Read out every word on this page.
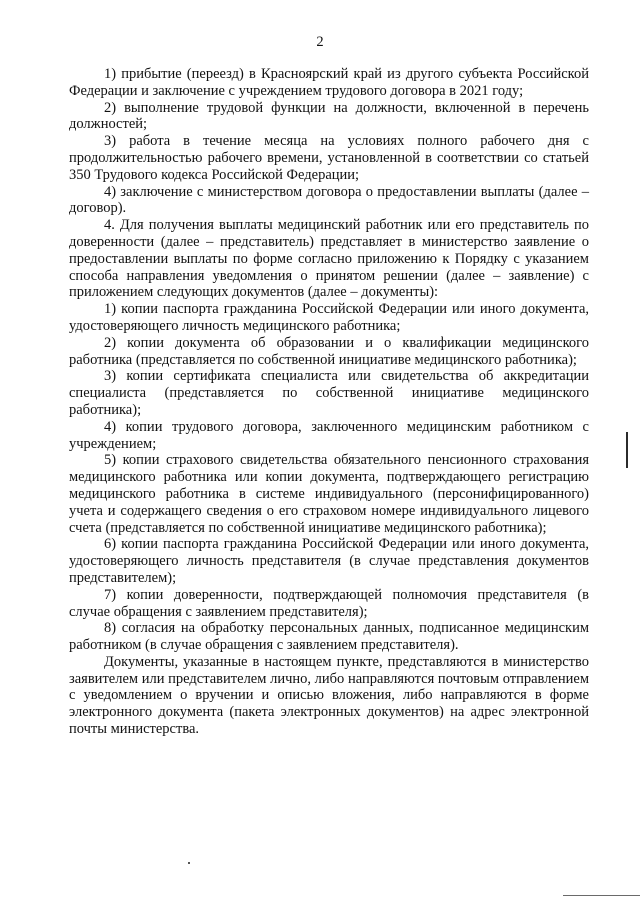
2

1) прибытие (переезд) в Красноярский край из другого субъекта Российской Федерации и заключение с учреждением трудового договора в 2021 году;

2) выполнение трудовой функции на должности, включенной в перечень должностей;

3) работа в течение месяца на условиях полного рабочего дня с продолжительностью рабочего времени, установленной в соответствии со статьей 350 Трудового кодекса Российской Федерации;

4) заключение с министерством договора о предоставлении выплаты (далее – договор).

4. Для получения выплаты медицинский работник или его представитель по доверенности (далее – представитель) представляет в министерство заявление о предоставлении выплаты по форме согласно приложению к Порядку с указанием способа направления уведомления о принятом решении (далее – заявление) с приложением следующих документов (далее – документы):

1) копии паспорта гражданина Российской Федерации или иного документа, удостоверяющего личность медицинского работника;

2) копии документа об образовании и о квалификации медицинского работника (представляется по собственной инициативе медицинского работника);

3) копии сертификата специалиста или свидетельства об аккредитации специалиста (представляется по собственной инициативе медицинского работника);

4) копии трудового договора, заключенного медицинским работником с учреждением;

5) копии страхового свидетельства обязательного пенсионного страхования медицинского работника или копии документа, подтверждающего регистрацию медицинского работника в системе индивидуального (персонифицированного) учета и содержащего сведения о его страховом номере индивидуального лицевого счета (представляется по собственной инициативе медицинского работника);

6) копии паспорта гражданина Российской Федерации или иного документа, удостоверяющего личность представителя (в случае представления документов представителем);

7) копии доверенности, подтверждающей полномочия представителя (в случае обращения с заявлением представителя);

8) согласия на обработку персональных данных, подписанное медицинским работником (в случае обращения с заявлением представителя).

Документы, указанные в настоящем пункте, представляются в министерство заявителем или представителем лично, либо направляются почтовым отправлением с уведомлением о вручении и описью вложения, либо направляются в форме электронного документа (пакета электронных документов) на адрес электронной почты министерства.
